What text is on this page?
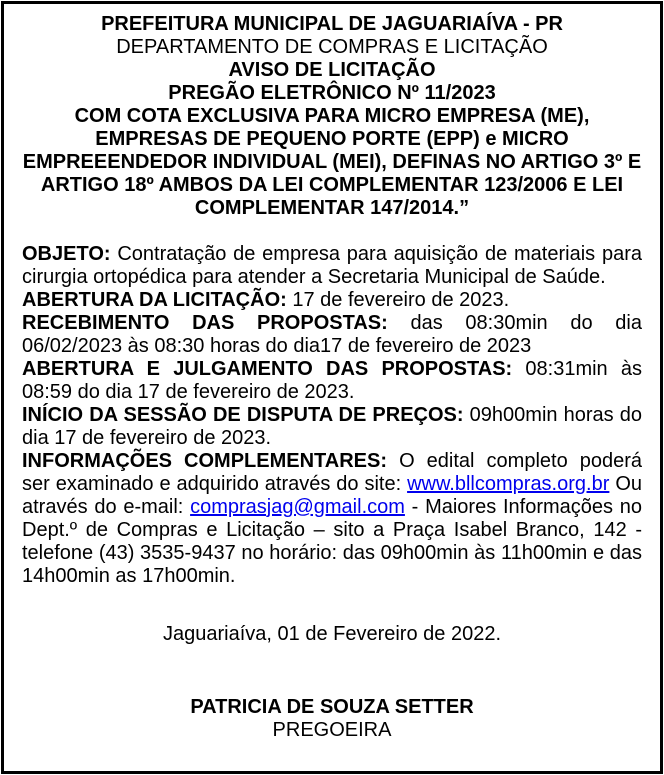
PREFEITURA MUNICIPAL DE JAGUARIAÍVA - PR
DEPARTAMENTO DE COMPRAS E LICITAÇÃO
AVISO DE LICITAÇÃO
PREGÃO ELETRÔNICO Nº 11/2023
COM COTA EXCLUSIVA PARA MICRO EMPRESA (ME),
EMPRESAS DE PEQUENO PORTE (EPP) e MICRO
EMPREEENDEDOR INDIVIDUAL (MEI), DEFINAS NO ARTIGO 3º E
ARTIGO 18º AMBOS DA LEI COMPLEMENTAR 123/2006 E LEI
COMPLEMENTAR 147/2014.”

OBJETO: Contratação de empresa para aquisição de materiais para cirurgia ortopédica para atender a Secretaria Municipal de Saúde.

ABERTURA DA LICITAÇÃO: 17 de fevereiro de 2023.

RECEBIMENTO DAS PROPOSTAS: das 08:30min do dia 06/02/2023 às 08:30 horas do dia17 de fevereiro de 2023

ABERTURA E JULGAMENTO DAS PROPOSTAS: 08:31min às 08:59 do dia 17 de fevereiro de 2023.

INÍCIO DA SESSÃO DE DISPUTA DE PREÇOS: 09h00min horas do dia 17 de fevereiro de 2023.

INFORMAÇÕES COMPLEMENTARES: O edital completo poderá ser examinado e adquirido através do site: www.bllcompras.org.br Ou através do e-mail: comprasjag@gmail.com - Maiores Informações no Dept.º de Compras e Licitação – sito a Praça Isabel Branco, 142 - telefone (43) 3535-9437 no horário: das 09h00min às 11h00min e das 14h00min as 17h00min.

Jaguariaíva, 01 de Fevereiro de 2022.
PATRICIA DE SOUZA SETTER
PREGOEIRA
